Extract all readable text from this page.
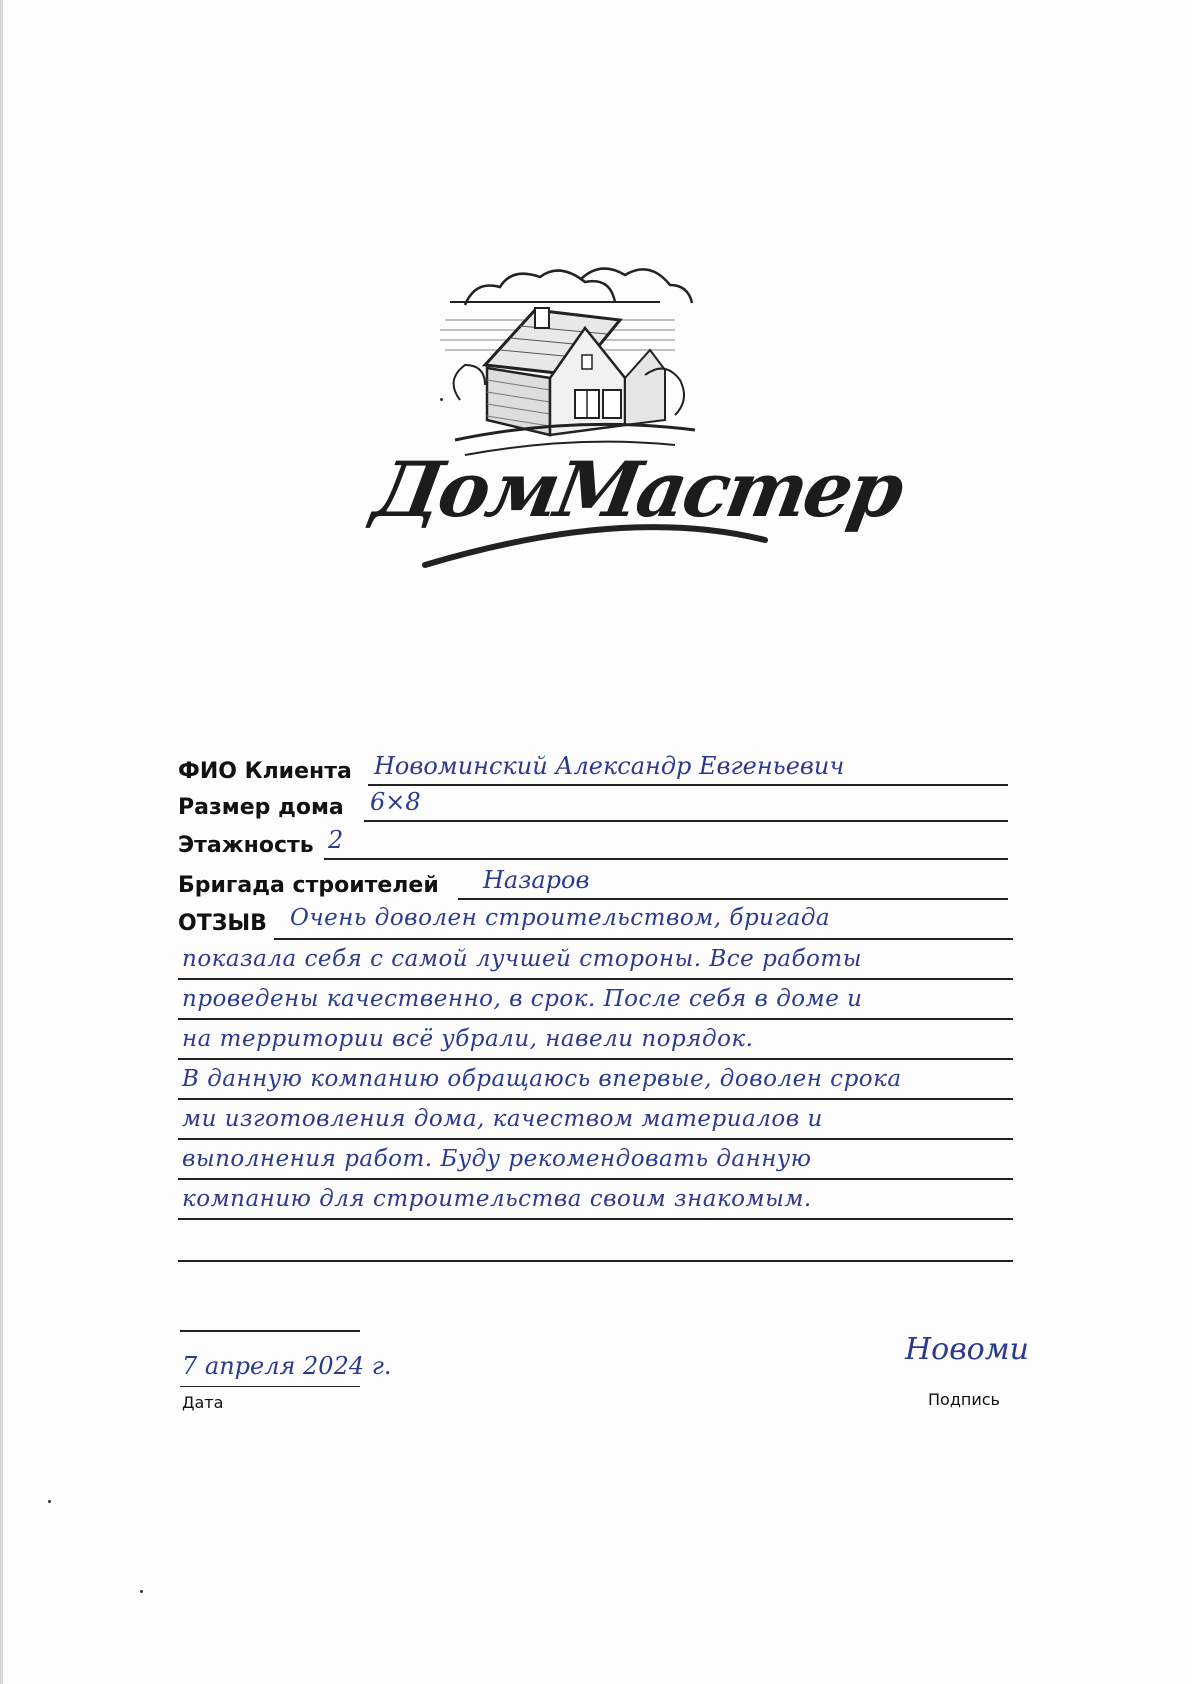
ДомМастер
ФИО Клиента Новоминский Александр Евгеньевич
Размер дома 6×8
Этажность 2
Бригада строителей Назаров
ОТЗЫВ Очень доволен строительством, бригада
показала себя с самой лучшей стороны. Все работы
проведены качественно, в срок. После себя в доме и
на территории всё убрали, навели порядок.
В данную компанию обращаюсь впервые, доволен срока
ми изготовления дома, качеством материалов и
выполнения работ. Буду рекомендовать данную
компанию для строительства своим знакомым.
7 апреля 2024 г.
Дата
Новоми
Подпись
